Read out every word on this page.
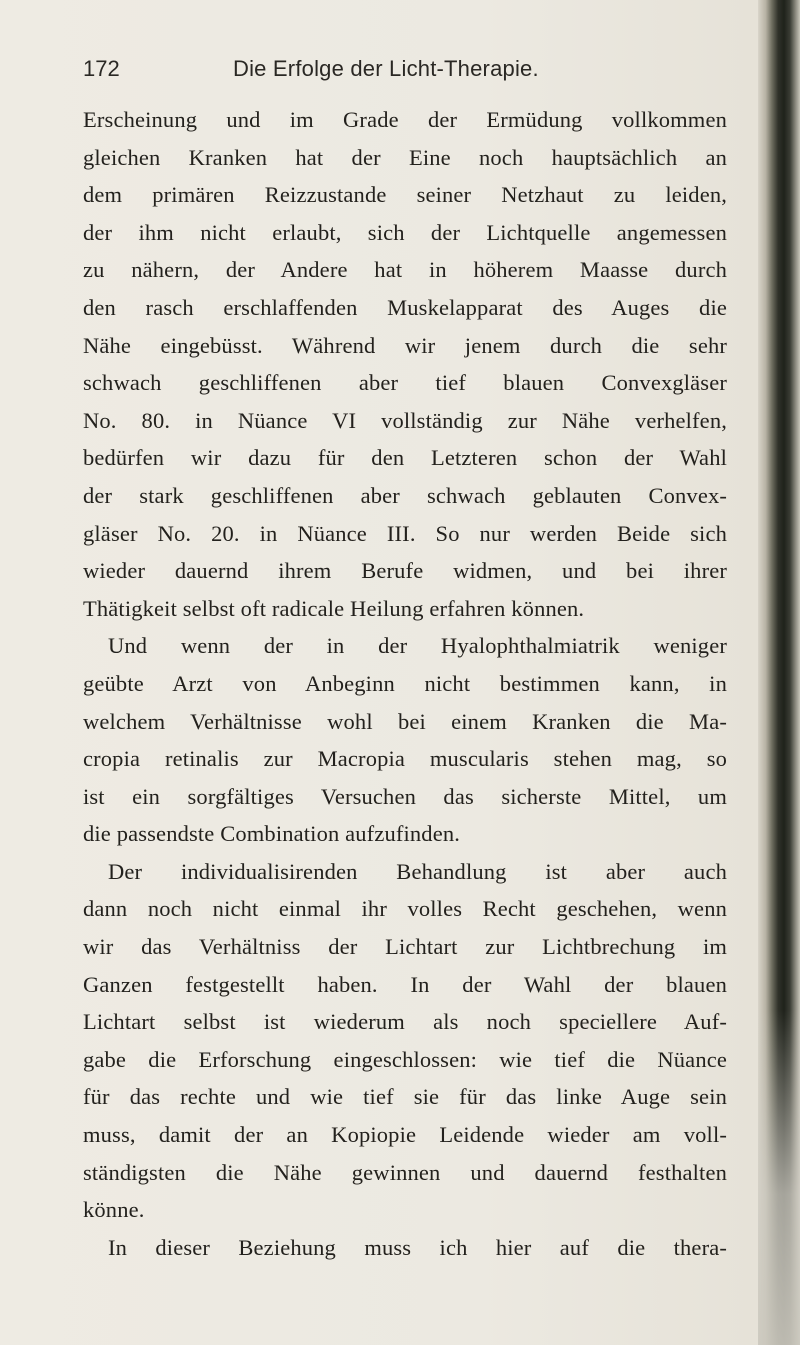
172	Die Erfolge der Licht-Therapie.
Erscheinung und im Grade der Ermüdung vollkommen
gleichen Kranken hat der Eine noch hauptsächlich an
dem primären Reizzustande seiner Netzhaut zu leiden,
der ihm nicht erlaubt, sich der Lichtquelle angemessen
zu nähern, der Andere hat in höherem Maasse durch
den rasch erschlaffenden Muskelapparat des Auges die
Nähe eingebüsst. Während wir jenem durch die sehr
schwach geschliffenen aber tief blauen Convexgläser
No. 80. in Nüance VI vollständig zur Nähe verhelfen,
bedürfen wir dazu für den Letzteren schon der Wahl
der stark geschliffenen aber schwach geblauten Convex-
gläser No. 20. in Nüance III. So nur werden Beide sich
wieder dauernd ihrem Berufe widmen, und bei ihrer
Thätigkeit selbst oft radicale Heilung erfahren können.
Und wenn der in der Hyalophthalmiatrik weniger
geübte Arzt von Anbeginn nicht bestimmen kann, in
welchem Verhältnisse wohl bei einem Kranken die Ma-
cropia retinalis zur Macropia muscularis stehen mag, so
ist ein sorgfältiges Versuchen das sicherste Mittel, um
die passendste Combination aufzufinden.
Der individualisirenden Behandlung ist aber auch
dann noch nicht einmal ihr volles Recht geschehen, wenn
wir das Verhältniss der Lichtart zur Lichtbrechung im
Ganzen festgestellt haben. In der Wahl der blauen
Lichtart selbst ist wiederum als noch speciellere Auf-
gabe die Erforschung eingeschlossen: wie tief die Nüance
für das rechte und wie tief sie für das linke Auge sein
muss, damit der an Kopiopie Leidende wieder am voll-
ständigsten die Nähe gewinnen und dauernd festhalten
könne.
In dieser Beziehung muss ich hier auf die thera-
